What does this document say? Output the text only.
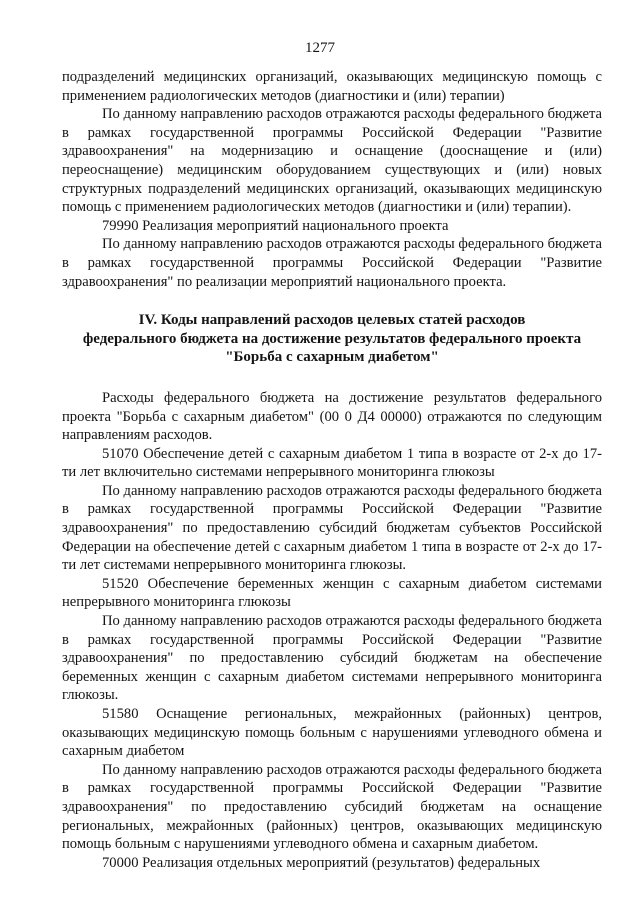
1277

подразделений медицинских организаций, оказывающих медицинскую помощь с применением радиологических методов (диагностики и (или) терапии)

По данному направлению расходов отражаются расходы федерального бюджета в рамках государственной программы Российской Федерации "Развитие здравоохранения" на модернизацию и оснащение (дооснащение и (или) переоснащение) медицинским оборудованием существующих и (или) новых структурных подразделений медицинских организаций, оказывающих медицинскую помощь с применением радиологических методов (диагностики и (или) терапии).

79990 Реализация мероприятий национального проекта

По данному направлению расходов отражаются расходы федерального бюджета в рамках государственной программы Российской Федерации "Развитие здравоохранения" по реализации мероприятий национального проекта.

IV. Коды направлений расходов целевых статей расходов
федерального бюджета на достижение результатов федерального проекта
"Борьба с сахарным диабетом"

Расходы федерального бюджета на достижение результатов федерального проекта "Борьба с сахарным диабетом" (00 0 Д4 00000) отражаются по следующим направлениям расходов.

51070 Обеспечение детей с сахарным диабетом 1 типа в возрасте от 2-х до 17-ти лет включительно системами непрерывного мониторинга глюкозы

По данному направлению расходов отражаются расходы федерального бюджета в рамках государственной программы Российской Федерации "Развитие здравоохранения" по предоставлению субсидий бюджетам субъектов Российской Федерации на обеспечение детей с сахарным диабетом 1 типа в возрасте от 2-х до 17-ти лет системами непрерывного мониторинга глюкозы.

51520 Обеспечение беременных женщин с сахарным диабетом системами непрерывного мониторинга глюкозы

По данному направлению расходов отражаются расходы федерального бюджета в рамках государственной программы Российской Федерации "Развитие здравоохранения" по предоставлению субсидий бюджетам на обеспечение беременных женщин с сахарным диабетом системами непрерывного мониторинга глюкозы.

51580 Оснащение региональных, межрайонных (районных) центров, оказывающих медицинскую помощь больным с нарушениями углеводного обмена и сахарным диабетом

По данному направлению расходов отражаются расходы федерального бюджета в рамках государственной программы Российской Федерации "Развитие здравоохранения" по предоставлению субсидий бюджетам на оснащение региональных, межрайонных (районных) центров, оказывающих медицинскую помощь больным с нарушениями углеводного обмена и сахарным диабетом.

70000 Реализация отдельных мероприятий (результатов) федеральных
